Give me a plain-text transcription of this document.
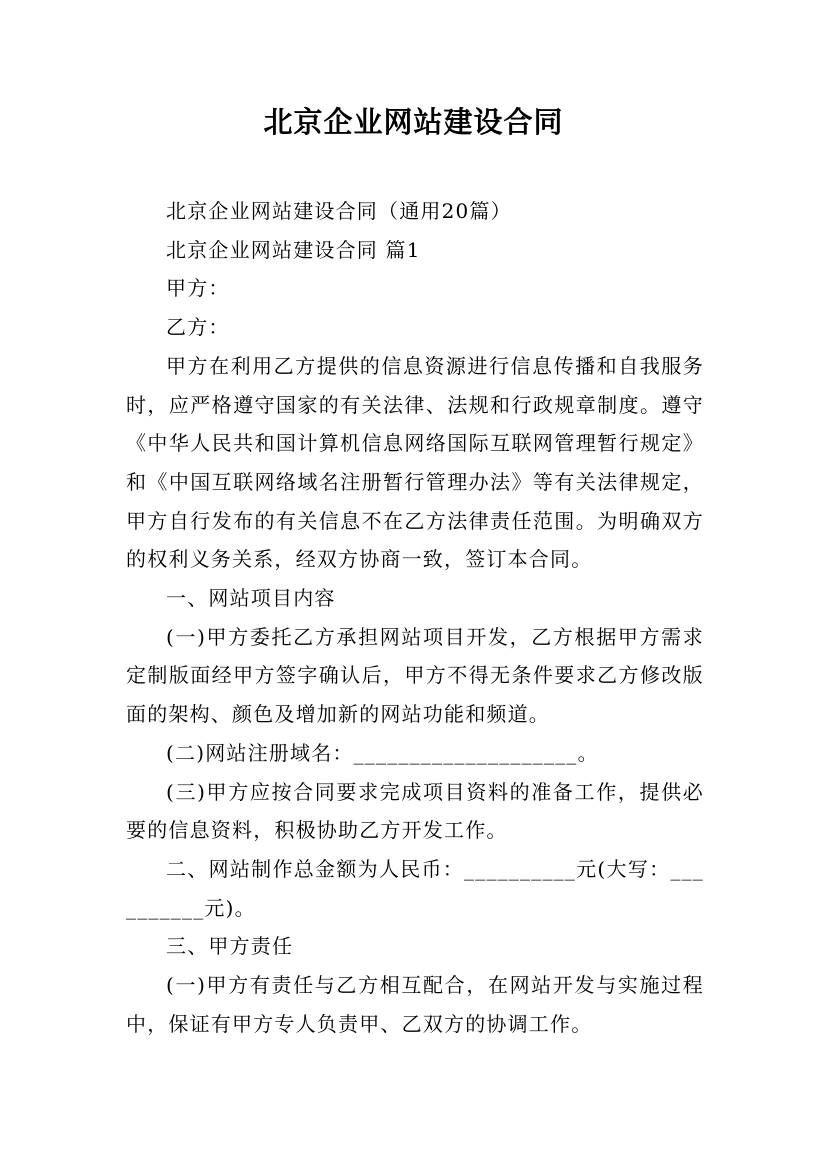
北京企业网站建设合同

北京企业网站建设合同（通用20篇）

北京企业网站建设合同 篇1

甲方：

乙方：

甲方在利用乙方提供的信息资源进行信息传播和自我服务时，应严格遵守国家的有关法律、法规和行政规章制度。遵守《中华人民共和国计算机信息网络国际互联网管理暂行规定》和《中国互联网络域名注册暂行管理办法》等有关法律规定，甲方自行发布的有关信息不在乙方法律责任范围。为明确双方的权利义务关系，经双方协商一致，签订本合同。

一、网站项目内容

(一)甲方委托乙方承担网站项目开发，乙方根据甲方需求定制版面经甲方签字确认后，甲方不得无条件要求乙方修改版面的架构、颜色及增加新的网站功能和频道。

(二)网站注册域名：____________________。

(三)甲方应按合同要求完成项目资料的准备工作，提供必要的信息资料，积极协助乙方开发工作。

二、网站制作总金额为人民币：__________元(大写：__________元)。

三、甲方责任

(一)甲方有责任与乙方相互配合，在网站开发与实施过程中，保证有甲方专人负责甲、乙双方的协调工作。
